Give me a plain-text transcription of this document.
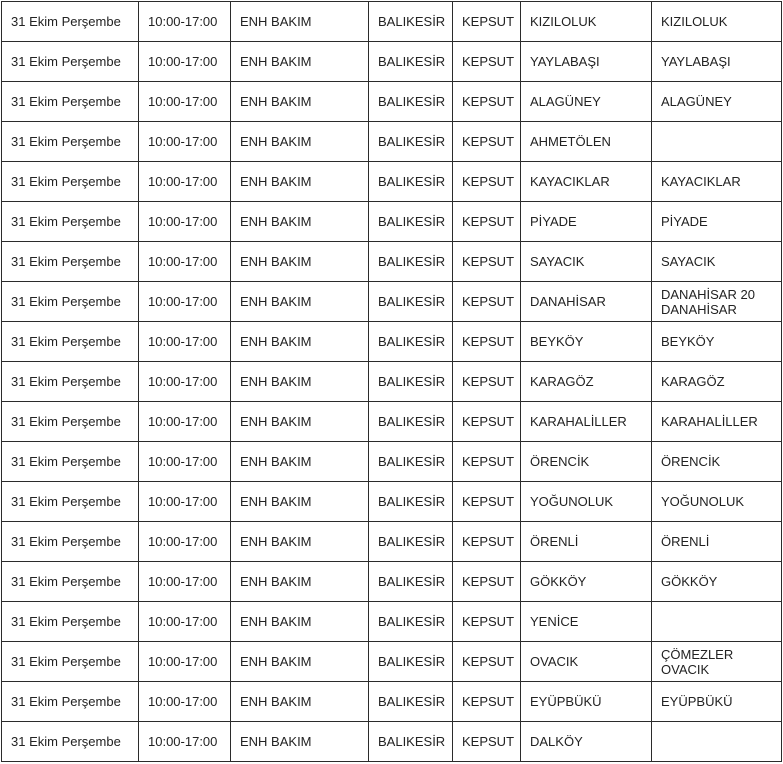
31 Ekim Perşembe	10:00-17:00	ENH BAKIM	BALIKESİR	KEPSUT	KIZILOLUK	KIZILOLUK
31 Ekim Perşembe	10:00-17:00	ENH BAKIM	BALIKESİR	KEPSUT	YAYLABAŞI	YAYLABAŞI
31 Ekim Perşembe	10:00-17:00	ENH BAKIM	BALIKESİR	KEPSUT	ALAGÜNEY	ALAGÜNEY
31 Ekim Perşembe	10:00-17:00	ENH BAKIM	BALIKESİR	KEPSUT	AHMETÖLEN	
31 Ekim Perşembe	10:00-17:00	ENH BAKIM	BALIKESİR	KEPSUT	KAYACIKLAR	KAYACIKLAR
31 Ekim Perşembe	10:00-17:00	ENH BAKIM	BALIKESİR	KEPSUT	PİYADE	PİYADE
31 Ekim Perşembe	10:00-17:00	ENH BAKIM	BALIKESİR	KEPSUT	SAYACIK	SAYACIK
31 Ekim Perşembe	10:00-17:00	ENH BAKIM	BALIKESİR	KEPSUT	DANAHİSAR	DANAHİSAR 20 DANAHİSAR
31 Ekim Perşembe	10:00-17:00	ENH BAKIM	BALIKESİR	KEPSUT	BEYKÖY	BEYKÖY
31 Ekim Perşembe	10:00-17:00	ENH BAKIM	BALIKESİR	KEPSUT	KARAGÖZ	KARAGÖZ
31 Ekim Perşembe	10:00-17:00	ENH BAKIM	BALIKESİR	KEPSUT	KARAHALİLLER	KARAHALİLLER
31 Ekim Perşembe	10:00-17:00	ENH BAKIM	BALIKESİR	KEPSUT	ÖRENCİK	ÖRENCİK
31 Ekim Perşembe	10:00-17:00	ENH BAKIM	BALIKESİR	KEPSUT	YOĞUNOLUK	YOĞUNOLUK
31 Ekim Perşembe	10:00-17:00	ENH BAKIM	BALIKESİR	KEPSUT	ÖRENLİ	ÖRENLİ
31 Ekim Perşembe	10:00-17:00	ENH BAKIM	BALIKESİR	KEPSUT	GÖKKÖY	GÖKKÖY
31 Ekim Perşembe	10:00-17:00	ENH BAKIM	BALIKESİR	KEPSUT	YENİCE	
31 Ekim Perşembe	10:00-17:00	ENH BAKIM	BALIKESİR	KEPSUT	OVACIK	ÇÖMEZLER OVACIK
31 Ekim Perşembe	10:00-17:00	ENH BAKIM	BALIKESİR	KEPSUT	EYÜPBÜKÜ	EYÜPBÜKÜ
31 Ekim Perşembe	10:00-17:00	ENH BAKIM	BALIKESİR	KEPSUT	DALKÖY	
